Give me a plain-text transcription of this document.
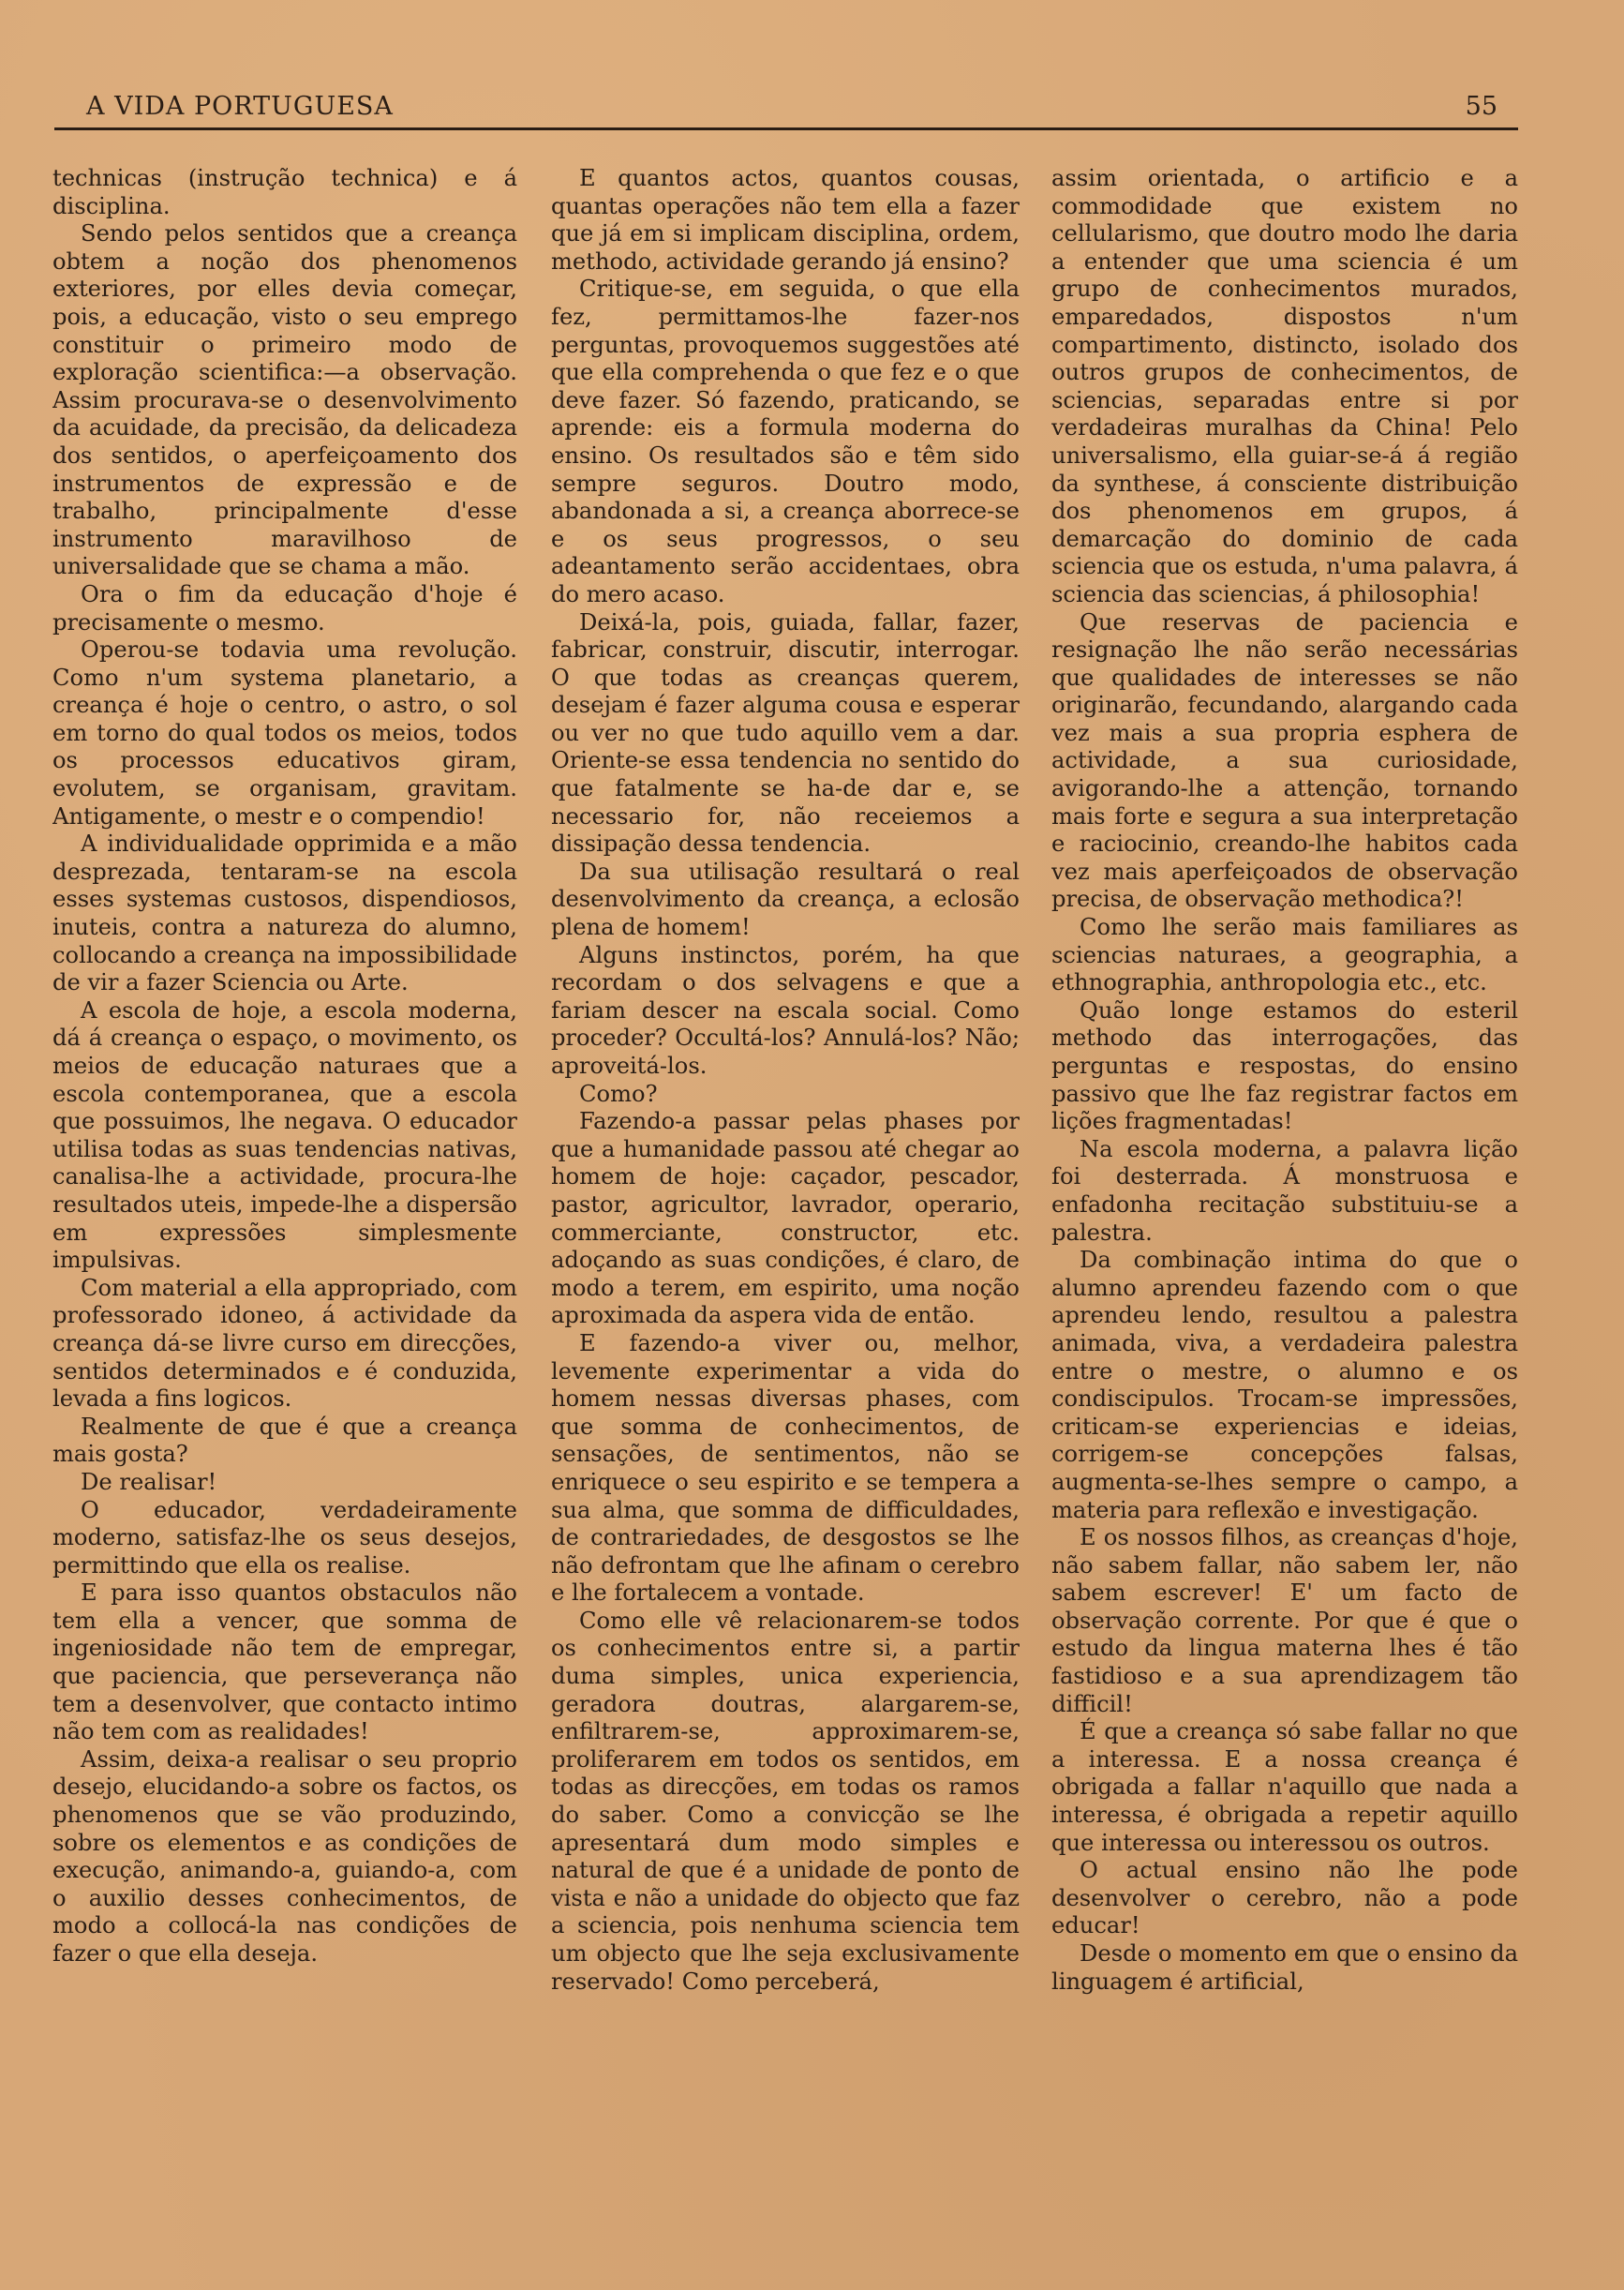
A VIDA PORTUGUESA	55

technicas (instrução technica) e á disciplina.

Sendo pelos sentidos que a creança obtem a noção dos phenomenos exteriores, por elles devia começar, pois, a educação, visto o seu emprego constituir o primeiro modo de exploração scientifica:—a observação. Assim procurava-se o desenvolvimento da acuidade, da precisão, da delicadeza dos sentidos, o aperfeiçoamento dos instrumentos de expressão e de trabalho, principalmente d'esse instrumento maravilhoso de universalidade que se chama a mão.

Ora o fim da educação d'hoje é precisamente o mesmo.

Operou-se todavia uma revolução. Como n'um systema planetario, a creança é hoje o centro, o astro, o sol em torno do qual todos os meios, todos os processos educativos giram, evolutem, se organisam, gravitam. Antigamente, o mestr e o compendio!

A individualidade opprimida e a mão desprezada, tentaram-se na escola esses systemas custosos, dispendiosos, inuteis, contra a natureza do alumno, collocando a creança na impossibilidade de vir a fazer Sciencia ou Arte.

A escola de hoje, a escola moderna, dá á creança o espaço, o movimento, os meios de educação naturaes que a escola contemporanea, que a escola que possuimos, lhe negava. O educador utilisa todas as suas tendencias nativas, canalisa-lhe a actividade, procura-lhe resultados uteis, impede-lhe a dispersão em expressões simplesmente impulsivas.

Com material a ella appropriado, com professorado idoneo, á actividade da creança dá-se livre curso em direcções, sentidos determinados e é conduzida, levada a fins logicos.

Realmente de que é que a creança mais gosta?

De realisar!

O educador, verdadeiramente moderno, satisfaz-lhe os seus desejos, permittindo que ella os realise.

E para isso quantos obstaculos não tem ella a vencer, que somma de ingeniosidade não tem de empregar, que paciencia, que perseverança não tem a desenvolver, que contacto intimo não tem com as realidades!

Assim, deixa-a realisar o seu proprio desejo, elucidando-a sobre os factos, os phenomenos que se vão produzindo, sobre os elementos e as condições de execução, animando-a, guiando-a, com o auxilio desses conhecimentos, de modo a collocá-la nas condições de fazer o que ella deseja.

E quantos actos, quantos cousas, quantas operações não tem ella a fazer que já em si implicam disciplina, ordem, methodo, actividade gerando já ensino?

Critique-se, em seguida, o que ella fez, permittamos-lhe fazer-nos perguntas, provoquemos suggestões até que ella comprehenda o que fez e o que deve fazer. Só fazendo, praticando, se aprende: eis a formula moderna do ensino. Os resultados são e têm sido sempre seguros. Doutro modo, abandonada a si, a creança aborrece-se e os seus progressos, o seu adeantamento serão accidentaes, obra do mero acaso.

Deixá-la, pois, guiada, fallar, fazer, fabricar, construir, discutir, interrogar. O que todas as creanças querem, desejam é fazer alguma cousa e esperar ou ver no que tudo aquillo vem a dar. Oriente-se essa tendencia no sentido do que fatalmente se ha-de dar e, se necessario for, não receiemos a dissipação dessa tendencia.

Da sua utilisação resultará o real desenvolvimento da creança, a eclosão plena de homem!

Alguns instinctos, porém, ha que recordam o dos selvagens e que a fariam descer na escala social. Como proceder? Occultá-los? Annulá-los? Não; aproveitá-los.

Como?

Fazendo-a passar pelas phases por que a humanidade passou até chegar ao homem de hoje: caçador, pescador, pastor, agricultor, lavrador, operario, commerciante, constructor, etc. adoçando as suas condições, é claro, de modo a terem, em espirito, uma noção aproximada da aspera vida de então.

E fazendo-a viver ou, melhor, levemente experimentar a vida do homem nessas diversas phases, com que somma de conhecimentos, de sensações, de sentimentos, não se enriquece o seu espirito e se tempera a sua alma, que somma de difficuldades, de contrariedades, de desgostos se lhe não defrontam que lhe afinam o cerebro e lhe fortalecem a vontade.

Como elle vê relacionarem-se todos os conhecimentos entre si, a partir duma simples, unica experiencia, geradora doutras, alargarem-se, enfiltrarem-se, approximarem-se, proliferarem em todos os sentidos, em todas as direcções, em todas os ramos do saber. Como a convicção se lhe apresentará dum modo simples e natural de que é a unidade de ponto de vista e não a unidade do objecto que faz a sciencia, pois nenhuma sciencia tem um objecto que lhe seja exclusivamente reservado! Como perceberá,

assim orientada, o artificio e a commodidade que existem no cellularismo, que doutro modo lhe daria a entender que uma sciencia é um grupo de conhecimentos murados, emparedados, dispostos n'um compartimento, distincto, isolado dos outros grupos de conhecimentos, de sciencias, separadas entre si por verdadeiras muralhas da China! Pelo universalismo, ella guiar-se-á á região da synthese, á consciente distribuição dos phenomenos em grupos, á demarcação do dominio de cada sciencia que os estuda, n'uma palavra, á sciencia das sciencias, á philosophia!

Que reservas de paciencia e resignação lhe não serão necessárias que qualidades de interesses se não originarão, fecundando, alargando cada vez mais a sua propria esphera de actividade, a sua curiosidade, avigorando-lhe a attenção, tornando mais forte e segura a sua interpretação e raciocinio, creando-lhe habitos cada vez mais aperfeiçoados de observação precisa, de observação methodica?!

Como lhe serão mais familiares as sciencias naturaes, a geographia, a ethnographia, anthropologia etc., etc.

Quão longe estamos do esteril methodo das interrogações, das perguntas e respostas, do ensino passivo que lhe faz registrar factos em lições fragmentadas!

Na escola moderna, a palavra lição foi desterrada. Á monstruosa e enfadonha recitação substituiu-se a palestra.

Da combinação intima do que o alumno aprendeu fazendo com o que aprendeu lendo, resultou a palestra animada, viva, a verdadeira palestra entre o mestre, o alumno e os condiscipulos. Trocam-se impressões, criticam-se experiencias e ideias, corrigem-se concepções falsas, augmenta-se-lhes sempre o campo, a materia para reflexão e investigação.

E os nossos filhos, as creanças d'hoje, não sabem fallar, não sabem ler, não sabem escrever! E' um facto de observação corrente. Por que é que o estudo da lingua materna lhes é tão fastidioso e a sua aprendizagem tão difficil!

É que a creança só sabe fallar no que a interessa. E a nossa creança é obrigada a fallar n'aquillo que nada a interessa, é obrigada a repetir aquillo que interessa ou interessou os outros.

O actual ensino não lhe pode desenvolver o cerebro, não a pode educar!

Desde o momento em que o ensino da linguagem é artificial,
